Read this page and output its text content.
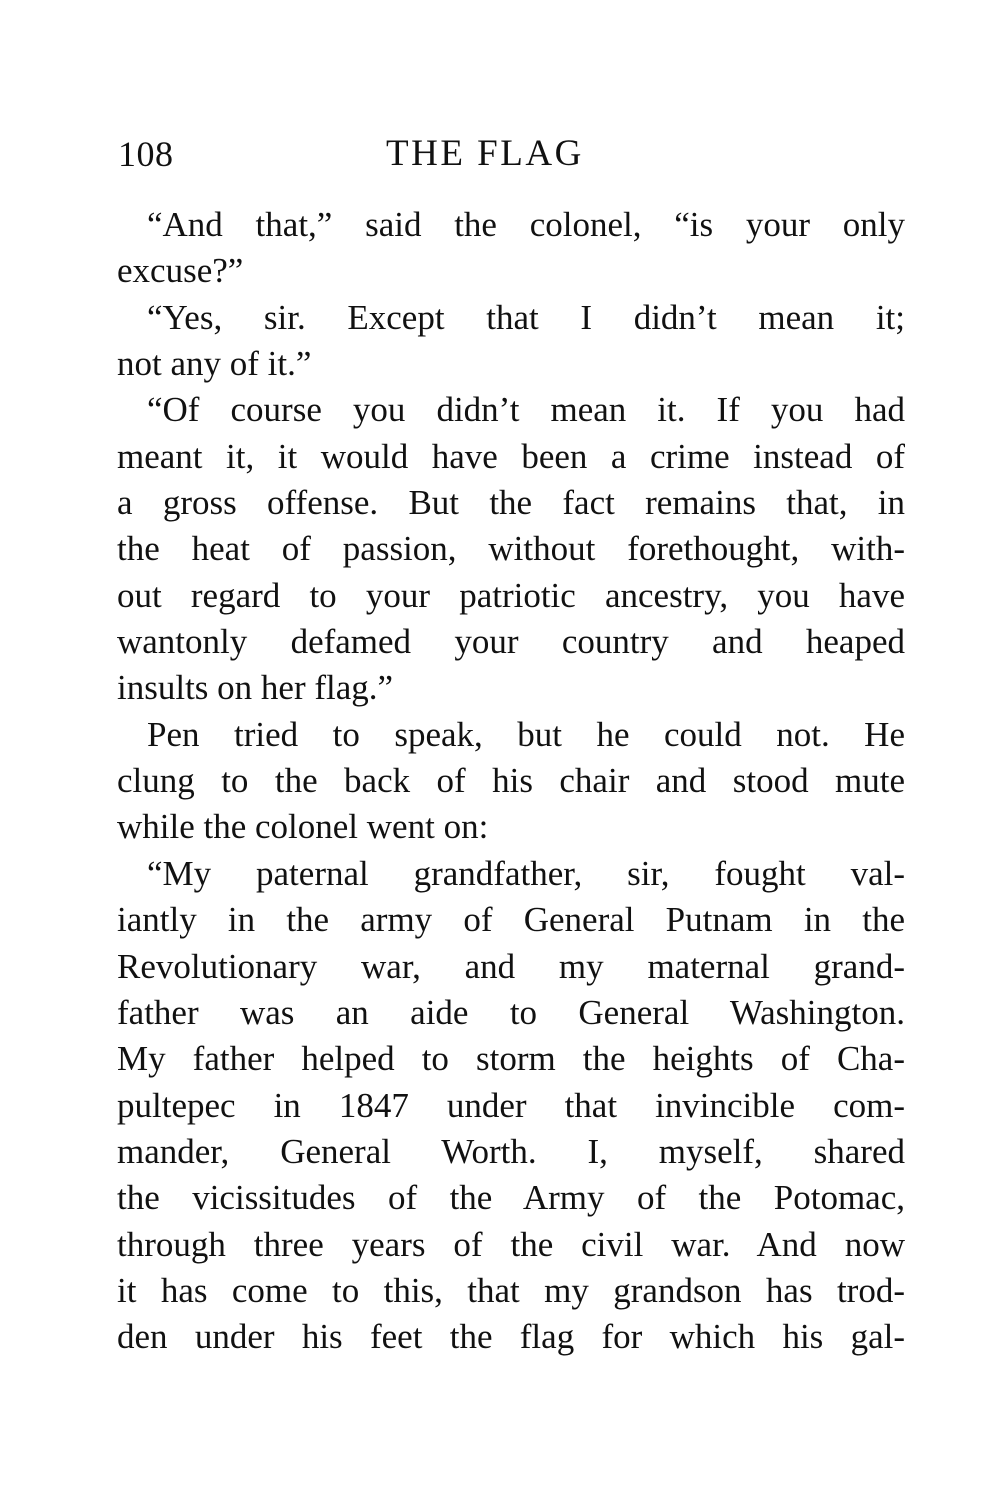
108	THE FLAG
“And that,” said the colonel, “is your only
excuse?”
“Yes, sir. Except that I didn’t mean it;
not any of it.”
“Of course you didn’t mean it. If you had
meant it, it would have been a crime instead of
a gross offense. But the fact remains that, in
the heat of passion, without forethought, with-
out regard to your patriotic ancestry, you have
wantonly defamed your country and heaped
insults on her flag.”
Pen tried to speak, but he could not. He
clung to the back of his chair and stood mute
while the colonel went on:
“My paternal grandfather, sir, fought val-
iantly in the army of General Putnam in the
Revolutionary war, and my maternal grand-
father was an aide to General Washington.
My father helped to storm the heights of Cha-
pultepec in 1847 under that invincible com-
mander, General Worth. I, myself, shared
the vicissitudes of the Army of the Potomac,
through three years of the civil war. And now
it has come to this, that my grandson has trod-
den under his feet the flag for which his gal-
